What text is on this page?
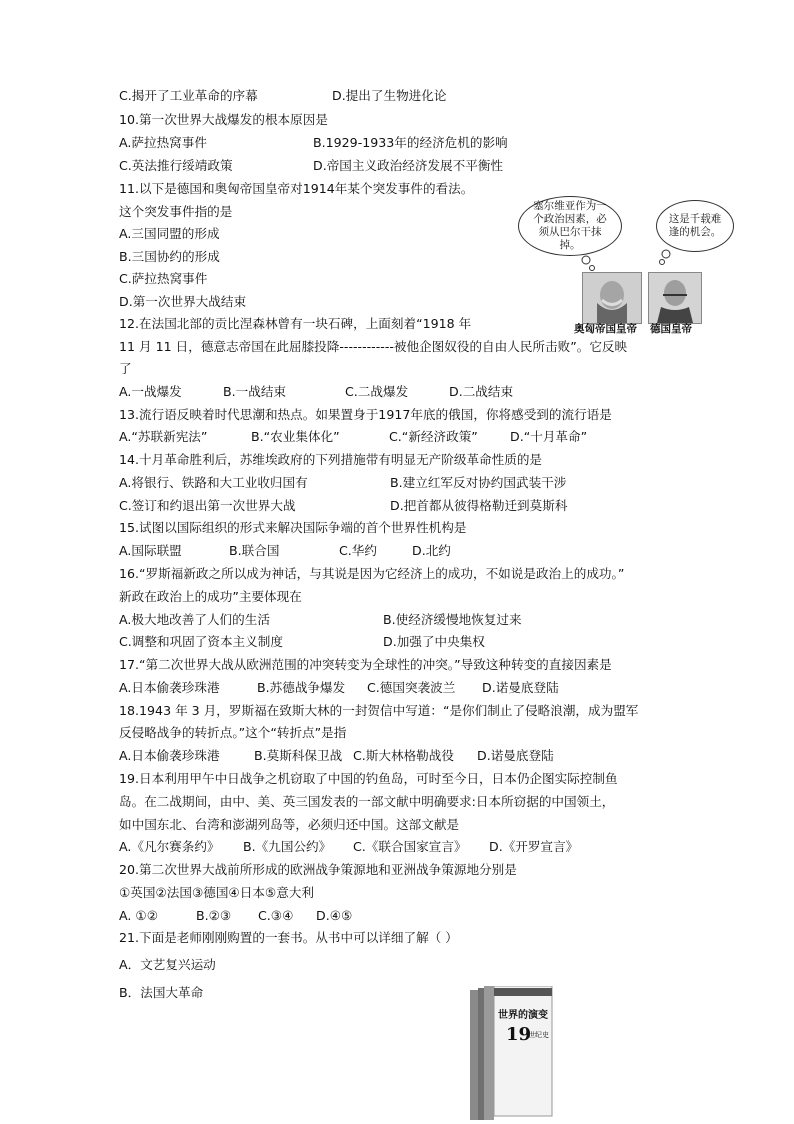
C.揭开了工业革命的序幕	D.提出了生物进化论
10.第一次世界大战爆发的根本原因是
A.萨拉热窝事件	B.1929-1933年的经济危机的影响
C.英法推行绥靖政策	D.帝国主义政治经济发展不平衡性
11.以下是德国和奥匈帝国皇帝对1914年某个突发事件的看法。
这个突发事件指的是
A.三国同盟的形成
B.三国协约的形成
C.萨拉热窝事件
D.第一次世界大战结束
12.在法国北部的贡比涅森林曾有一块石碑，上面刻着“1918 年
11 月 11 日，德意志帝国在此屈膝投降------------被他企图奴役的自由人民所击败”。它反映
了
A.一战爆发	B.一战结束	C.二战爆发	D.二战结束
13.流行语反映着时代思潮和热点。如果置身于1917年底的俄国，你将感受到的流行语是
A.“苏联新宪法”	B.“农业集体化”	C.“新经济政策”	D.“十月革命”
14.十月革命胜利后，苏维埃政府的下列措施带有明显无产阶级革命性质的是
A.将银行、铁路和大工业收归国有	B.建立红军反对协约国武装干涉
C.签订和约退出第一次世界大战	D.把首都从彼得格勒迁到莫斯科
15.试图以国际组织的形式来解决国际争端的首个世界性机构是
A.国际联盟	B.联合国	C.华约	D.北约
16.“罗斯福新政之所以成为神话，与其说是因为它经济上的成功，不如说是政治上的成功。”
新政在政治上的成功”主要体现在
A.极大地改善了人们的生活	B.使经济缓慢地恢复过来
C.调整和巩固了资本主义制度	D.加强了中央集权
17.“第二次世界大战从欧洲范围的冲突转变为全球性的冲突。”导致这种转变的直接因素是
A.日本偷袭珍珠港	B.苏德战争爆发 C.德国突袭波兰 D.诺曼底登陆
18.1943 年 3 月，罗斯福在致斯大林的一封贺信中写道：“是你们制止了侵略浪潮，成为盟军
反侵略战争的转折点。”这个“转折点”是指
A.日本偷袭珍珠港	B.莫斯科保卫战 C.斯大林格勒战役 D.诺曼底登陆
19.日本利用甲午中日战争之机窃取了中国的钓鱼岛，可时至今日，日本仍企图实际控制鱼
岛。在二战期间，由中、美、英三国发表的一部文献中明确要求:日本所窃据的中国领土，
如中国东北、台湾和澎湖列岛等，必须归还中国。这部文献是
A.《凡尔赛条约》 B.《九国公约》 C.《联合国家宣言》 D.《开罗宣言》
20.第二次世界大战前所形成的欧洲战争策源地和亚洲战争策源地分别是
①英国②法国③德国④日本⑤意大利
A. ①②	B.②③ C.③④ D.④⑤
21.下面是老师刚刚购置的一套书。从书中可以详细了解（ ）
A．文艺复兴运动
B．法国大革命
塞尔维亚作为一个政治因素，必须从巴尔干抹掉。
这是千载难逢的机会。
奥匈帝国皇帝 德国皇帝
世界的演变
19
世纪史
